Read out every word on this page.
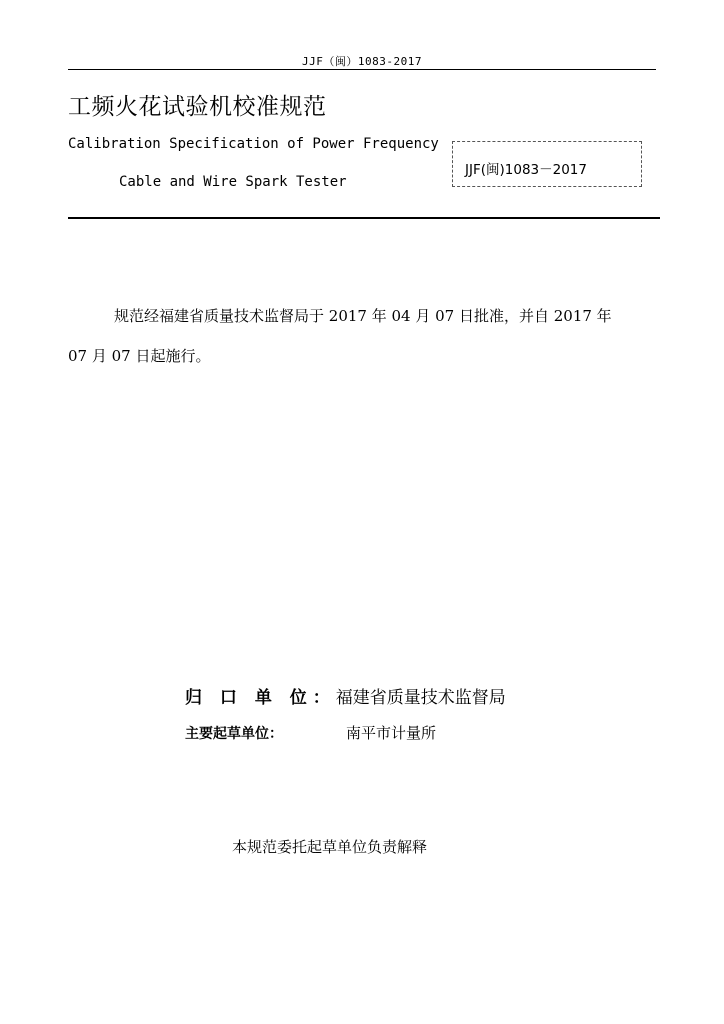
JJF（闽）1083-2017
工频火花试验机校准规范
Calibration Specification of Power Frequency
Cable and Wire Spark Tester
JJF(闽)1083－2017
规范经福建省质量技术监督局于 2017 年 04 月 07 日批准，并自 2017 年
07 月 07 日起施行。
归 口 单 位：福建省质量技术监督局
主要起草单位：	南平市计量所
本规范委托起草单位负责解释
